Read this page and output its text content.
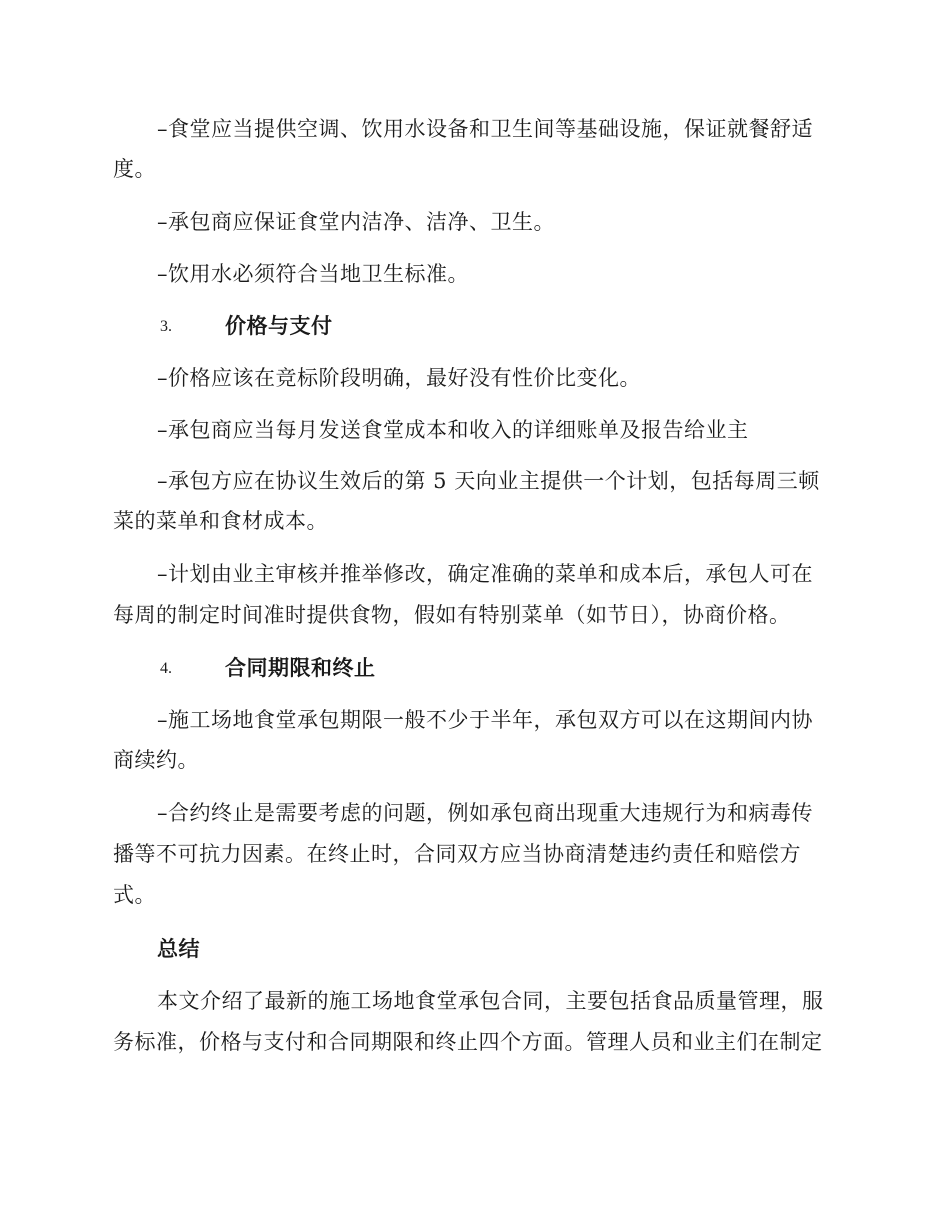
–食堂应当提供空调、饮用水设备和卫生间等基础设施，保证就餐舒适
度。
–承包商应保证食堂内洁净、洁净、卫生。
–饮用水必须符合当地卫生标准。
3.	价格与支付
–价格应该在竞标阶段明确，最好没有性价比变化。
–承包商应当每月发送食堂成本和收入的详细账单及报告给业主
–承包方应在协议生效后的第 5 天向业主提供一个计划，包括每周三顿
菜的菜单和食材成本。
–计划由业主审核并推举修改，确定准确的菜单和成本后，承包人可在
每周的制定时间准时提供食物，假如有特别菜单（如节日），协商价格。
4.	合同期限和终止
–施工场地食堂承包期限一般不少于半年，承包双方可以在这期间内协
商续约。
–合约终止是需要考虑的问题，例如承包商出现重大违规行为和病毒传
播等不可抗力因素。在终止时，合同双方应当协商清楚违约责任和赔偿方
式。
总结
本文介绍了最新的施工场地食堂承包合同，主要包括食品质量管理，服
务标准，价格与支付和合同期限和终止四个方面。管理人员和业主们在制定
